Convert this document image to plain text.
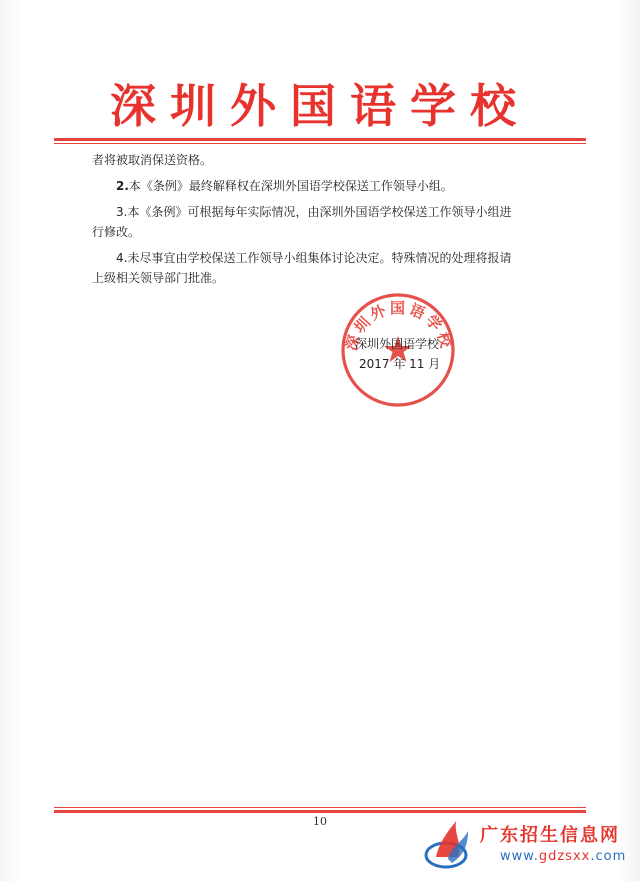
深圳外国语学校

者将被取消保送资格。

2.本《条例》最终解释权在深圳外国语学校保送工作领导小组。

3.本《条例》可根据每年实际情况，由深圳外国语学校保送工作领导小组进行修改。

4.未尽事宜由学校保送工作领导小组集体讨论决定。特殊情况的处理将报请上级相关领导部门批准。

深圳外国语学校
深圳外国语学校
2017 年 11 月
10
广东招生信息网
www.gdzsxx.com
